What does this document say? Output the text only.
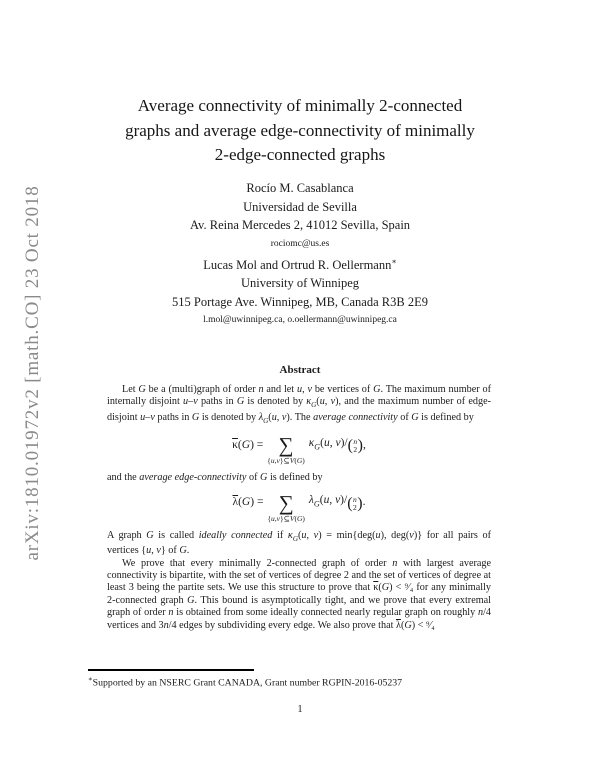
arXiv:1810.01972v2 [math.CO] 23 Oct 2018
Average connectivity of minimally 2-connected
graphs and average edge-connectivity of minimally
2-edge-connected graphs
Rocío M. Casablanca
Universidad de Sevilla
Av. Reina Mercedes 2, 41012 Sevilla, Spain
rociomc@us.es
Lucas Mol and Ortrud R. Oellermann∗
University of Winnipeg
515 Portage Ave. Winnipeg, MB, Canada R3B 2E9
l.mol@uwinnipeg.ca, o.oellermann@uwinnipeg.ca
Abstract

Let G be a (multi)graph of order n and let u, v be vertices of G. The maximum number of internally disjoint u–v paths in G is denoted by $\kappa_G(u$, v), and the maximum number of edge-disjoint u–v paths in G is denoted by $\lambda_G(u$, v). The average connectivity of G is defined by

$\overline{\kappa}(G)$ = ∑
{u,v}⊆V(G)
$\kappa_G(u$, v)/ ( n
2 ) ,

and the average edge-connectivity of G is defined by

$\overline{\lambda}(G)$ = ∑
{u,v}⊆V(G)
$\lambda_G(u$, v)/ ( n
2 ) .

A graph G is called ideally connected if $\kappa_G(u$, v) = min{deg(u), deg(v)} for all pairs of vertices {u, v} of G.

We prove that every minimally 2-connected graph of order n with largest average connectivity is bipartite, with the set of vertices of degree 2 and the set of vertices of degree at least 3 being the partite sets. We use this structure to prove that $\overline{\kappa}(G)$ < ⁹⁄₄ for any minimally 2-connected graph G. This bound is asymptotically tight, and we prove that every extremal graph of order n is obtained from some ideally connected nearly regular graph on roughly n/4 vertices and 3n/4 edges by subdividing every edge. We also prove that $\overline{\lambda}(G)$ < ⁹⁄₄

∗Supported by an NSERC Grant CANADA, Grant number RGPIN-2016-05237
1
